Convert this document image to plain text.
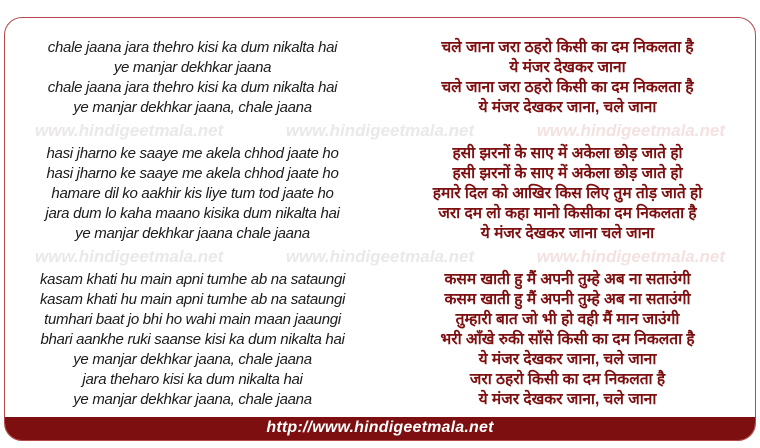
chale jaana jara thehro kisi ka dum nikalta hai
ye manjar dekhkar jaana
chale jaana jara thehro kisi ka dum nikalta hai
ye manjar dekhkar jaana, chale jaana
चले जाना जरा ठहरो किसी का दम निकलता है
ये मंजर देखकर जाना
चले जाना जरा ठहरो किसी का दम निकलता है
ये मंजर देखकर जाना, चले जाना
www.hindigeetmala.net	www.hindigeetmala.net	www.hindigeetmala.net
hasi jharno ke saaye me akela chhod jaate ho
hasi jharno ke saaye me akela chhod jaate ho
hamare dil ko aakhir kis liye tum tod jaate ho
jara dum lo kaha maano kisika dum nikalta hai
ye manjar dekhkar jaana chale jaana
हसी झरनों के साए में अकेला छोड़ जाते हो
हसी झरनों के साए में अकेला छोड़ जाते हो
हमारे दिल को आखिर किस लिए तुम तोड़ जाते हो
जरा दम लो कहा मानो किसीका दम निकलता है
ये मंजर देखकर जाना चले जाना
www.hindigeetmala.net	www.hindigeetmala.net	www.hindigeetmala.net
kasam khati hu main apni tumhe ab na sataungi
kasam khati hu main apni tumhe ab na sataungi
tumhari baat jo bhi ho wahi main maan jaaungi
bhari aankhe ruki saanse kisi ka dum nikalta hai
ye manjar dekhkar jaana, chale jaana
jara theharo kisi ka dum nikalta hai
ye manjar dekhkar jaana, chale jaana
कसम खाती हु मैं अपनी तुम्हे अब ना सताउंगी
कसम खाती हु मैं अपनी तुम्हे अब ना सताउंगी
तुम्हारी बात जो भी हो वही मैं मान जाउंगी
भरी आँखे रुकी साँसे किसी का दम निकलता है
ये मंजर देखकर जाना, चले जाना
जरा ठहरो किसी का दम निकलता है
ये मंजर देखकर जाना, चले जाना
http://www.hindigeetmala.net
